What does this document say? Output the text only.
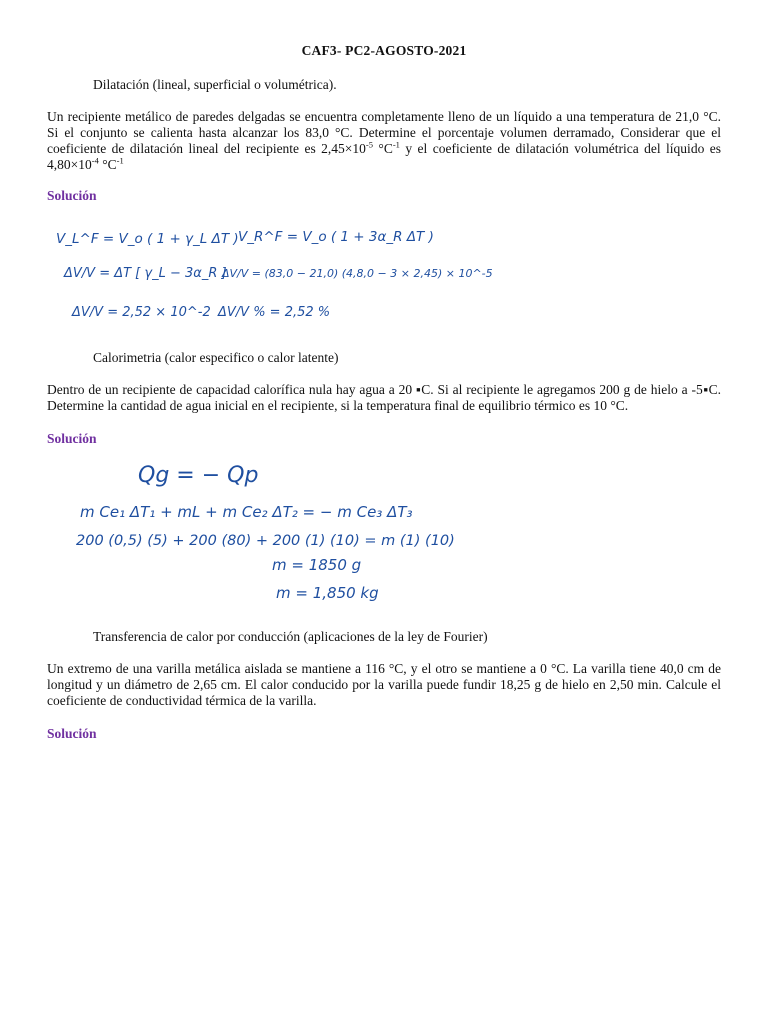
CAF3- PC2-AGOSTO-2021
Dilatación (lineal, superficial o volumétrica).
Un recipiente metálico de paredes delgadas se encuentra completamente lleno de un líquido a una temperatura de 21,0 °C. Si el conjunto se calienta hasta alcanzar los 83,0 °C. Determine el porcentaje volumen derramado, Considerar que el coeficiente de dilatación lineal del recipiente es $2,45\times 10^{-5}$ $^\circ C^{-1}$ y el coeficiente de dilatación volumétrica del líquido es $4,80\times 10^{-4}$ $^\circ C^{-1}$
Solución
V_L^F = V_o ( 1 + γ_L ΔT ) V_R^F = V_o ( 1 + 3α_R ΔT )
ΔV/V = ΔT [ γ_L − 3α_R ]
ΔV/V = (83,0 − 21,0) (4,8,0 − 3 × 2,45) × 10^-5
ΔV/V = 2,52 × 10^-2 ΔV/V % = 2,52 %
Calorimetria (calor especifico o calor latente)
Dentro de un recipiente de capacidad calorífica nula hay agua a 20 ▪C. Si al recipiente le agregamos 200 g de hielo a -5▪C. Determine la cantidad de agua inicial en el recipiente, si la temperatura final de equilibrio térmico es 10 °C.
Solución
Qg = − Qp
m Ce₁ ΔT₁ + mL + m Ce₂ ΔT₂ = − m Ce₃ ΔT₃
200 (0,5) (5) + 200 (80) + 200 (1) (10) = m (1) (10)
m = 1850 g
m = 1,850 kg
Transferencia de calor por conducción (aplicaciones de la ley de Fourier)
Un extremo de una varilla metálica aislada se mantiene a 116 °C, y el otro se mantiene a 0 °C. La varilla tiene 40,0 cm de longitud y un diámetro de 2,65 cm. El calor conducido por la varilla puede fundir 18,25 g de hielo en 2,50 min. Calcule el coeficiente de conductividad térmica de la varilla.
Solución
